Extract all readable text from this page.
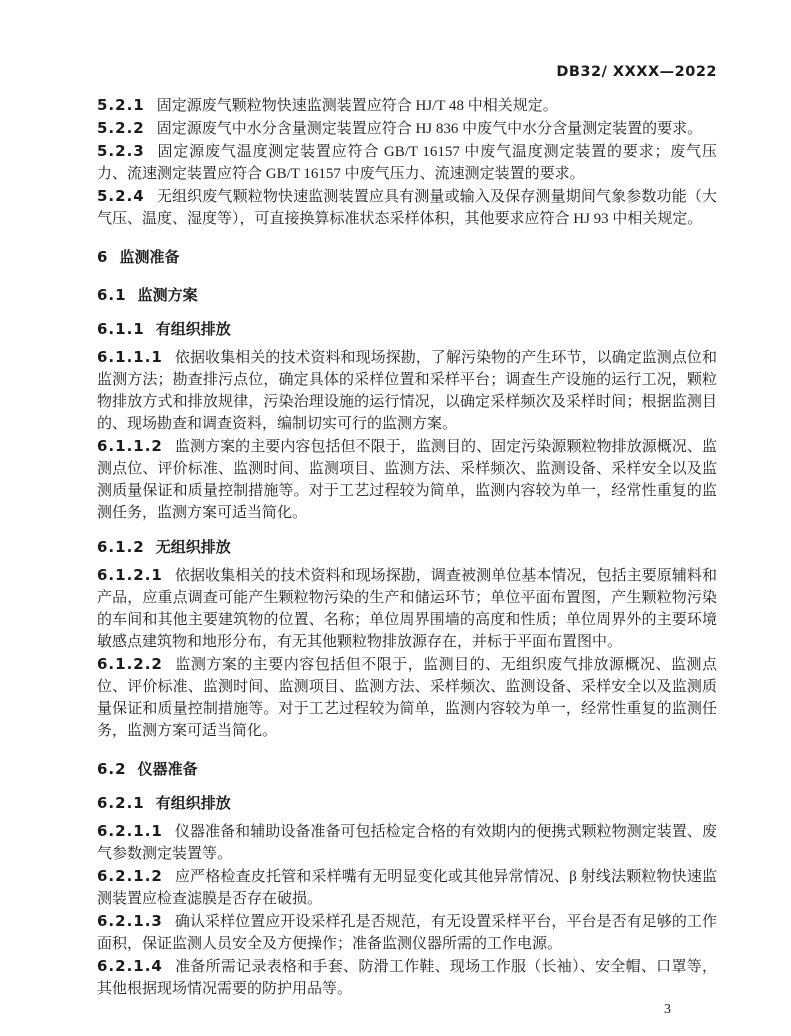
DB32/ XXXX—2022

5.2.1 固定源废气颗粒物快速监测装置应符合 HJ/T 48 中相关规定。

5.2.2 固定源废气中水分含量测定装置应符合 HJ 836 中废气中水分含量测定装置的要求。

5.2.3 固定源废气温度测定装置应符合 GB/T 16157 中废气温度测定装置的要求；废气压力、流速测定装置应符合 GB/T 16157 中废气压力、流速测定装置的要求。

5.2.4 无组织废气颗粒物快速监测装置应具有测量或输入及保存测量期间气象参数功能（大气压、温度、湿度等），可直接换算标准状态采样体积，其他要求应符合 HJ 93 中相关规定。

6 监测准备
6.1 监测方案
6.1.1 有组织排放

6.1.1.1 依据收集相关的技术资料和现场探勘，了解污染物的产生环节，以确定监测点位和监测方法；勘查排污点位，确定具体的采样位置和采样平台；调查生产设施的运行工况，颗粒物排放方式和排放规律，污染治理设施的运行情况，以确定采样频次及采样时间；根据监测目的、现场勘查和调查资料，编制切实可行的监测方案。

6.1.1.2 监测方案的主要内容包括但不限于，监测目的、固定污染源颗粒物排放源概况、监测点位、评价标准、监测时间、监测项目、监测方法、采样频次、监测设备、采样安全以及监测质量保证和质量控制措施等。对于工艺过程较为简单，监测内容较为单一，经常性重复的监测任务，监测方案可适当简化。

6.1.2 无组织排放

6.1.2.1 依据收集相关的技术资料和现场探勘，调查被测单位基本情况，包括主要原辅料和产品，应重点调查可能产生颗粒物污染的生产和储运环节；单位平面布置图，产生颗粒物污染的车间和其他主要建筑物的位置、名称；单位周界围墙的高度和性质；单位周界外的主要环境敏感点建筑物和地形分布，有无其他颗粒物排放源存在，并标于平面布置图中。

6.1.2.2 监测方案的主要内容包括但不限于，监测目的、无组织废气排放源概况、监测点位、评价标准、监测时间、监测项目、监测方法、采样频次、监测设备、采样安全以及监测质量保证和质量控制措施等。对于工艺过程较为简单，监测内容较为单一，经常性重复的监测任务，监测方案可适当简化。

6.2 仪器准备
6.2.1 有组织排放

6.2.1.1 仪器准备和辅助设备准备可包括检定合格的有效期内的便携式颗粒物测定装置、废气参数测定装置等。

6.2.1.2 应严格检查皮托管和采样嘴有无明显变化或其他异常情况、β 射线法颗粒物快速监测装置应检查滤膜是否存在破损。

6.2.1.3 确认采样位置应开设采样孔是否规范，有无设置采样平台，平台是否有足够的工作面积，保证监测人员安全及方便操作；准备监测仪器所需的工作电源。

6.2.1.4 准备所需记录表格和手套、防滑工作鞋、现场工作服（长袖）、安全帽、口罩等，其他根据现场情况需要的防护用品等。

3
